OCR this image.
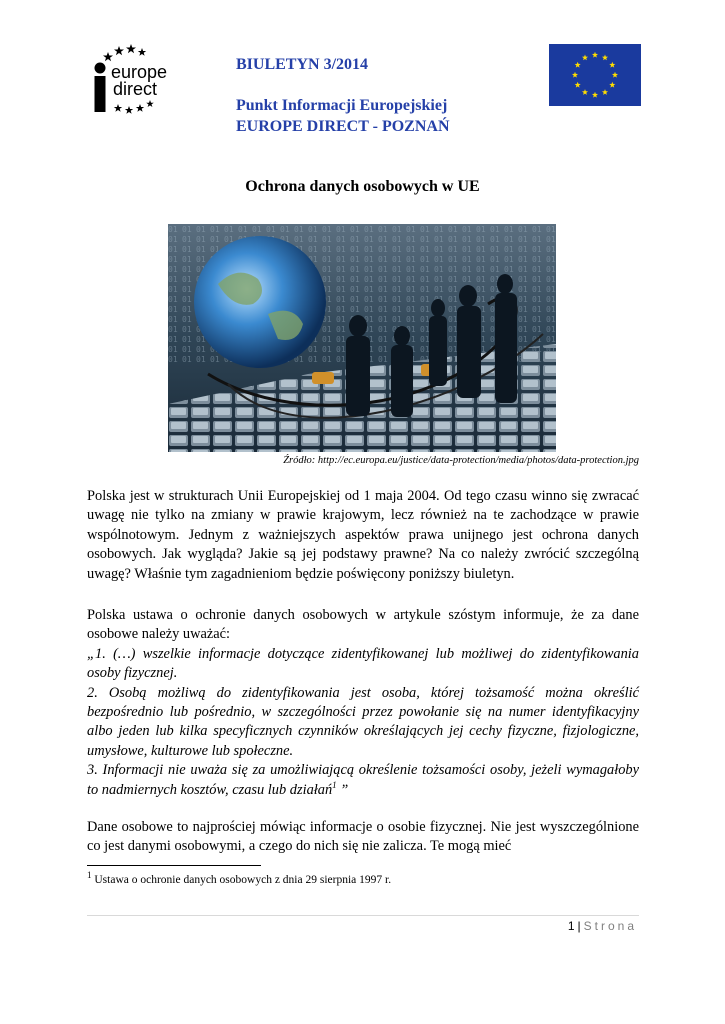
europe
direct
BIULETYN 3/2014
Punkt Informacji Europejskiej
EUROPE DIRECT - POZNAŃ
Ochrona danych osobowych w UE
Źródło: http://ec.europa.eu/justice/data-protection/media/photos/data-protection.jpg
Polska jest w strukturach Unii Europejskiej od 1 maja 2004. Od tego czasu winno się zwracać uwagę nie tylko na zmiany w prawie krajowym, lecz również na te zachodzące w prawie wspólnotowym. Jednym z ważniejszych aspektów prawa unijnego jest ochrona danych osobowych. Jak wygląda? Jakie są jej podstawy prawne? Na co należy zwrócić szczególną uwagę? Właśnie tym zagadnieniom będzie poświęcony poniższy biuletyn.
Polska ustawa o ochronie danych osobowych w artykule szóstym informuje, że za dane osobowe należy uważać:
„1. (…) wszelkie informacje dotyczące zidentyfikowanej lub możliwej do zidentyfikowania osoby fizycznej.
2. Osobą możliwą do zidentyfikowania jest osoba, której tożsamość można określić bezpośrednio lub pośrednio, w szczególności przez powołanie się na numer identyfikacyjny albo jeden lub kilka specyficznych czynników określających jej cechy fizyczne, fizjologiczne, umysłowe, kulturowe lub społeczne.
3. Informacji nie uważa się za umożliwiającą określenie tożsamości osoby, jeżeli wymagałoby to nadmiernych kosztów, czasu lub działań$^1$ ”
Dane osobowe to najprościej mówiąc informacje o osobie fizycznej. Nie jest wyszczególnione co jest danymi osobowymi, a czego do nich się nie zalicza. Te mogą mieć
$^1$ Ustawa o ochronie danych osobowych z dnia 29 sierpnia 1997 r.
1 | Strona
